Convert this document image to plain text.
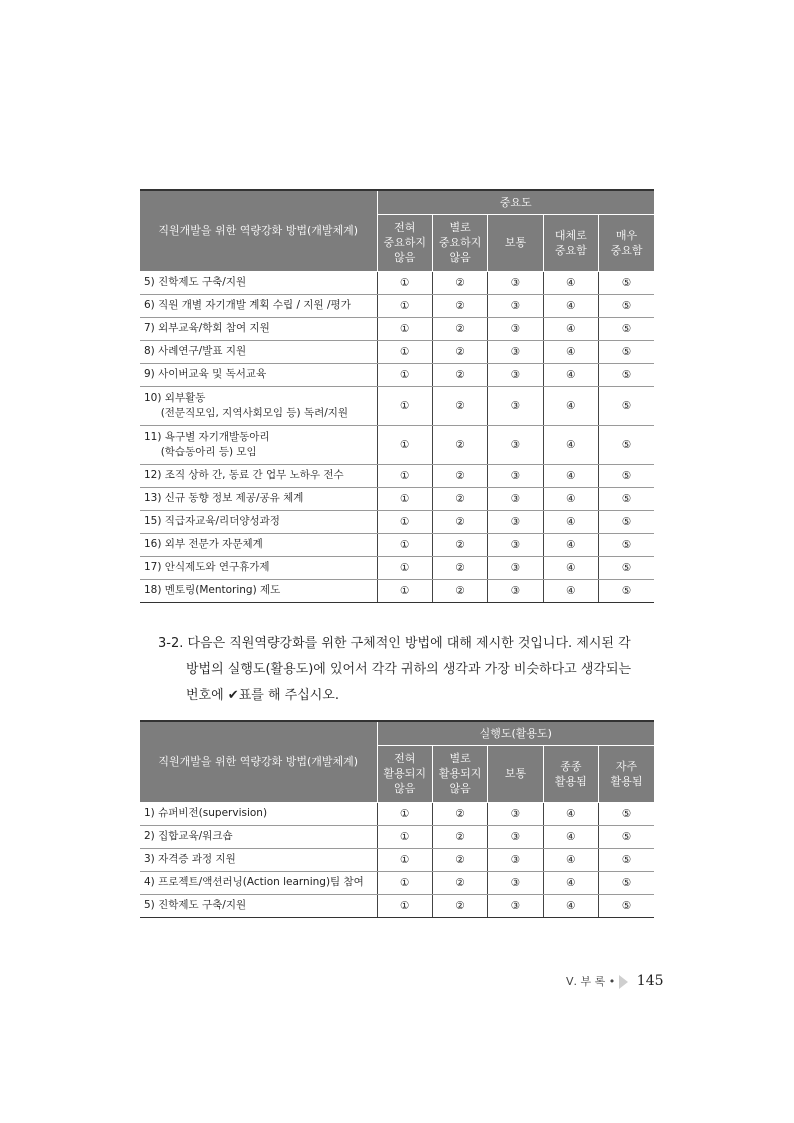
직원개발을 위한 역량강화 방법(개발체계)	중요도				
	전혀
중요하지
않음	별로
중요하지
않음	보통	대체로
중요함	매우
중요함

5) 진학제도 구축/지원	①	②	③	④	⑤

6) 직원 개별 자기개발 계획 수립 / 지원 /평가	①	②	③	④	⑤

7) 외부교육/학회 참여 지원	①	②	③	④	⑤

8) 사례연구/발표 지원	①	②	③	④	⑤

9) 사이버교육 및 독서교육	①	②	③	④	⑤

10) 외부활동
(전문직모임, 지역사회모임 등) 독려/지원	①	②	③	④	⑤

11) 욕구별 자기개발동아리
(학습동아리 등) 모임	①	②	③	④	⑤

12) 조직 상하 간, 동료 간 업무 노하우 전수	①	②	③	④	⑤

13) 신규 동향 정보 제공/공유 체계	①	②	③	④	⑤

15) 직급자교육/리더양성과정	①	②	③	④	⑤

16) 외부 전문가 자문체계	①	②	③	④	⑤

17) 안식제도와 연구휴가제	①	②	③	④	⑤

18) 멘토링(Mentoring) 제도	①	②	③	④	⑤
3-2. 다음은 직원역량강화를 위한 구체적인 방법에 대해 제시한 것입니다. 제시된 각
방법의 실행도(활용도)에 있어서 각각 귀하의 생각과 가장 비슷하다고 생각되는
번호에 ✔표를 해 주십시오.
직원개발을 위한 역량강화 방법(개발체계)	실행도(활용도)				
	전혀
활용되지
않음	별로
활용되지
않음	보통	종종
활용됨	자주
활용됨

1) 슈퍼비전(supervision)	①	②	③	④	⑤

2) 집합교육/워크숍	①	②	③	④	⑤

3) 자격증 과정 지원	①	②	③	④	⑤

4) 프로젝트/액션러닝(Action learning)팀 참여	①	②	③	④	⑤

5) 진학제도 구축/지원	①	②	③	④	⑤
Ⅴ. 부 록 • 145
